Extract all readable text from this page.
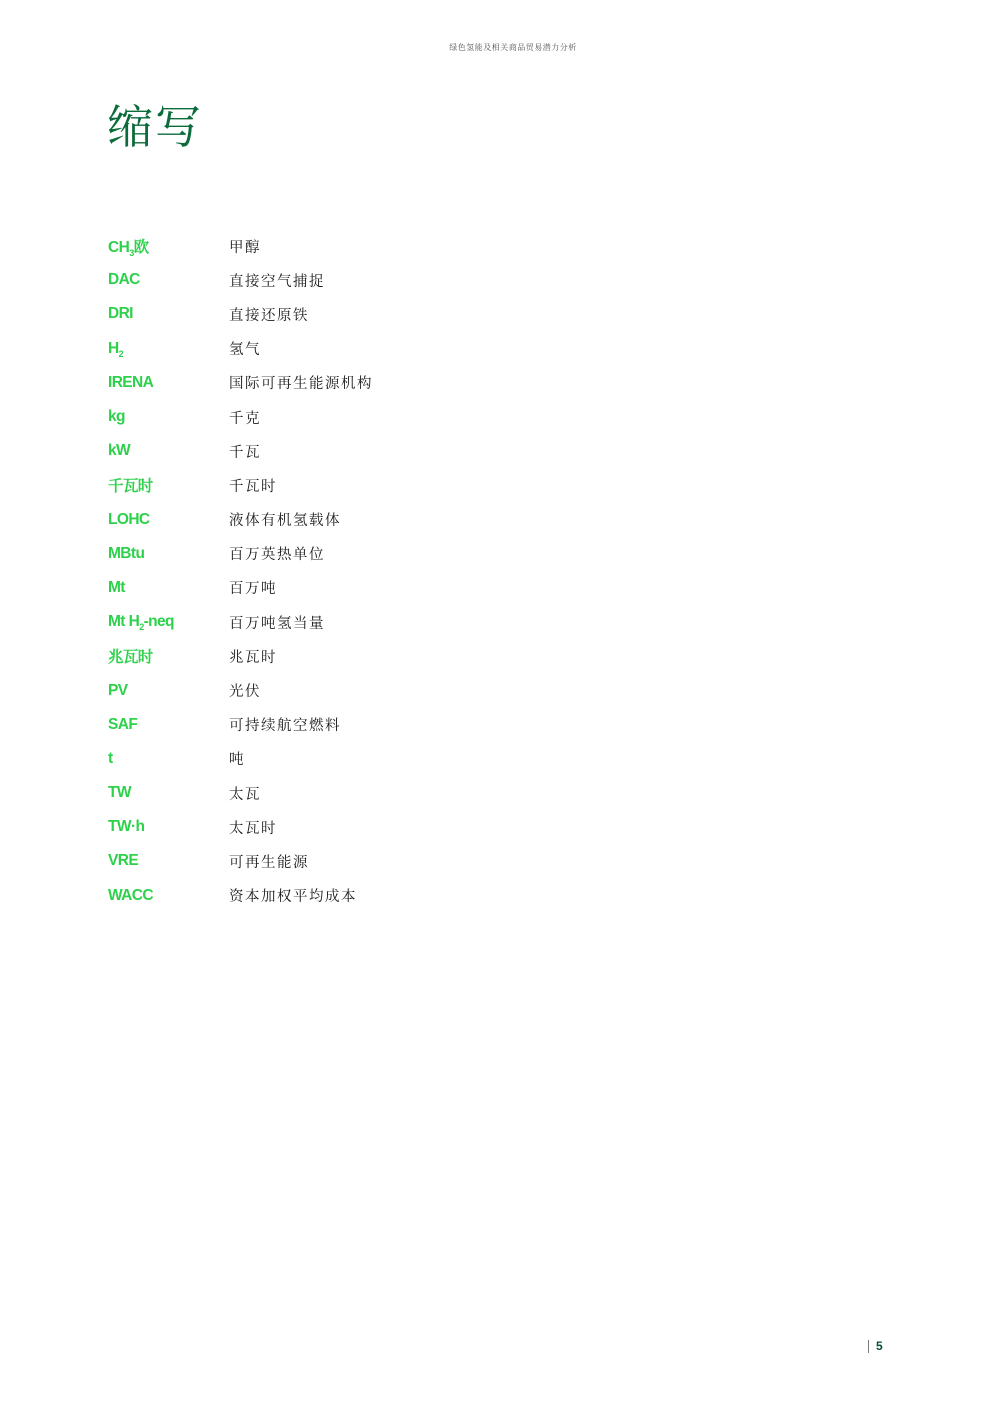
绿色氢能及相关商品贸易潜力分析
缩写
$CH_3$欧	甲醇
DAC	直接空气捕捉
DRI	直接还原铁
$H_2$	氢气
IRENA	国际可再生能源机构
kg	千克
kW	千瓦
千瓦时	千瓦时
LOHC	液体有机氢载体
MBtu	百万英热单位
Mt	百万吨
Mt $H_2$-neq	百万吨氢当量
兆瓦时	兆瓦时
PV	光伏
SAF	可持续航空燃料
t	吨
TW	太瓦
TW·h	太瓦时
VRE	可再生能源
WACC	资本加权平均成本
5
